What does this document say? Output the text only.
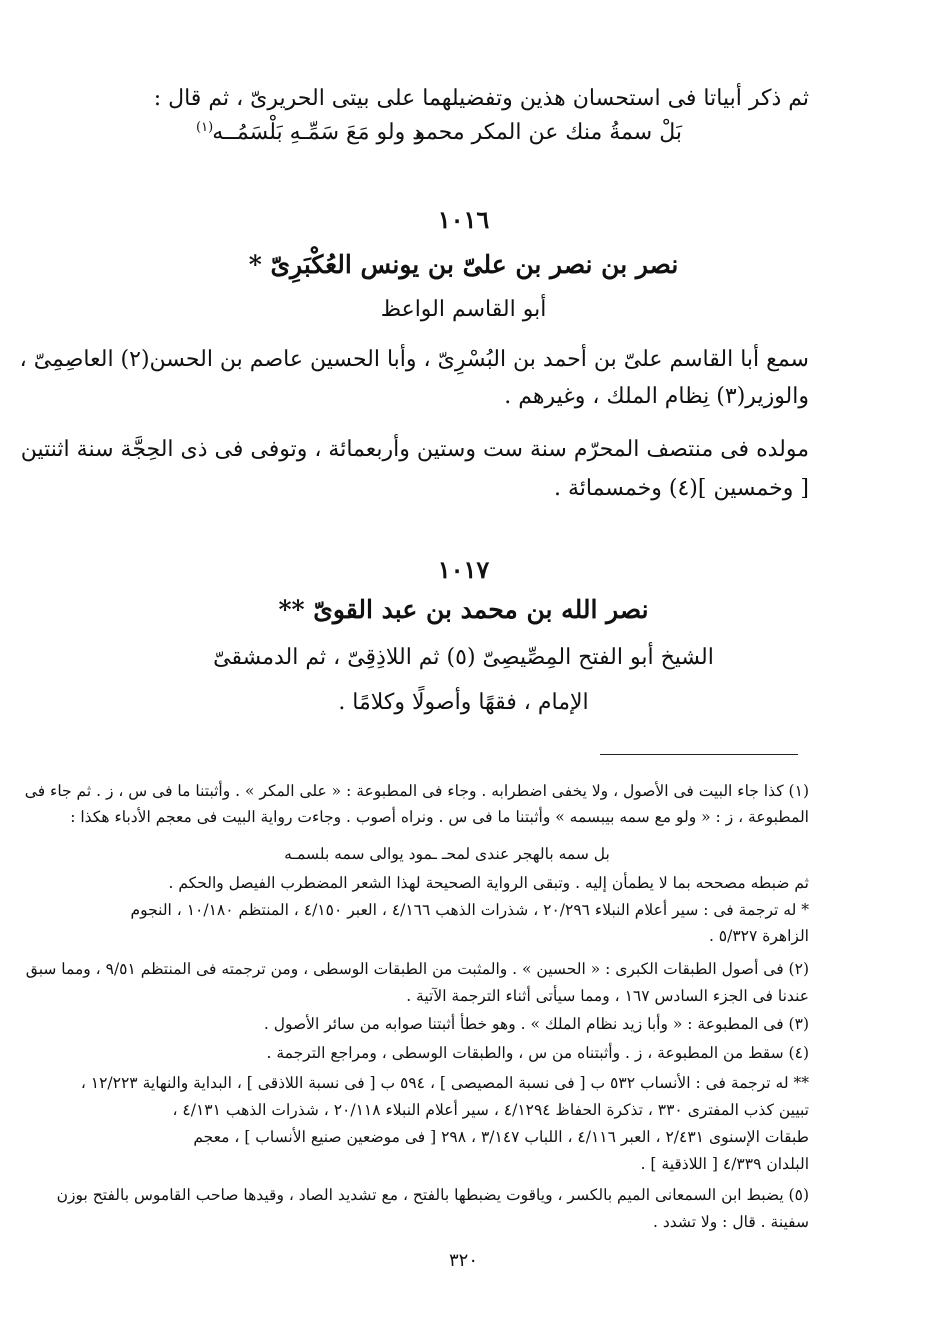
ثم ذكر أبياتا فى استحسان هذين وتفضيلهما على بيتى الحريرىّ ، ثم قال :
بَلْ سمةُ منك عن المكر محمو
د ولو مَعَ سَمِّـهِ بَلْسَمُــه
(١)
١٠١٦
نصر بن نصر بن علىّ بن يونس العُكْبَرِىّ *
أبو القاسم الواعظ
سمع أبا القاسم علىّ بن أحمد بن البُسْرِىّ ، وأبا الحسين عاصم بن الحسن(٢) العاصِمِىّ ،
والوزير(٣) نِظام الملك ، وغيرهم .
مولده فى منتصف المحرّم سنة ست وستين وأربعمائة ، وتوفى فى ذى الحِجَّة سنة اثنتين
[ وخمسين ](٤) وخمسمائة .
١٠١٧
نصر الله بن محمد بن عبد القوىّ **
الشيخ أبو الفتح المِصِّيصِىّ (٥) ثم اللاذِقِىّ ، ثم الدمشقىّ
الإمام ، فقهًا وأصولًا وكلامًا .
(١) كذا جاء البيت فى الأصول ، ولا يخفى اضطرابه . وجاء فى المطبوعة : « على المكر » . وأثبتنا ما فى س ، ز . ثم جاء فى
المطبوعة ، ز : « ولو مع سمه بيبسمه » وأثبتنا ما فى س . ونراه أصوب . وجاءت رواية البيت فى معجم الأدباء هكذا :
بل سمه بالهجر عندى لمحـ ـمود يوالى سمه بلسمـه
ثم ضبطه مصححه بما لا يطمأن إليه . وتبقى الرواية الصحيحة لهذا الشعر المضطرب الفيصل والحكم .
* له ترجمة فى : سير أعلام النبلاء ٢٠/٢٩٦ ، شذرات الذهب ٤/١٦٦ ، العبر ٤/١٥٠ ، المنتظم ١٠/١٨٠ ، النجوم
الزاهرة ٥/٣٢٧ .
(٢) فى أصول الطبقات الكبرى : « الحسين » . والمثبت من الطبقات الوسطى ، ومن ترجمته فى المنتظم ٩/٥١ ، ومما سبق
عندنا فى الجزء السادس ١٦٧ ، ومما سيأتى أثناء الترجمة الآتية .
(٣) فى المطبوعة : « وأبا زيد نظام الملك » . وهو خطأ أثبتنا صوابه من سائر الأصول .
(٤) سقط من المطبوعة ، ز . وأثبتناه من س ، والطبقات الوسطى ، ومراجع الترجمة .
** له ترجمة فى : الأنساب ٥٣٢ ب [ فى نسبة المصيصى ] ، ٥٩٤ ب [ فى نسبة اللاذقى ] ، البداية والنهاية ١٢/٢٢٣ ،
تبيين كذب المفترى ٣٣٠ ، تذكرة الحفاظ ٤/١٢٩٤ ، سير أعلام النبلاء ٢٠/١١٨ ، شذرات الذهب ٤/١٣١ ،
طبقات الإسنوى ٢/٤٣١ ، العبر ٤/١١٦ ، اللباب ٣/١٤٧ ، ٢٩٨ [ فى موضعين صنيع الأنساب ] ، معجم
البلدان ٤/٣٣٩ [ اللاذقية ] .
(٥) يضبط ابن السمعانى الميم بالكسر ، وياقوت يضبطها بالفتح ، مع تشديد الصاد ، وقيدها صاحب القاموس بالفتح بوزن
سفينة . قال : ولا تشدد .
٣٢٠
